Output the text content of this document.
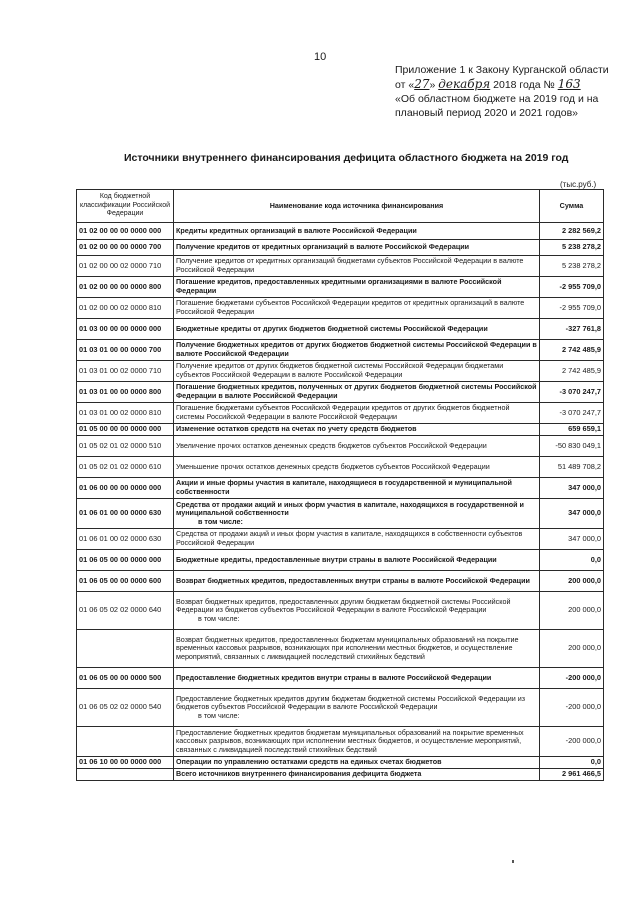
10
Приложение 1 к Закону Курганской области
от «27» декабря 2018 года № 163
«Об областном бюджете на 2019 год и на плановый период 2020 и 2021 годов»
Источники внутреннего финансирования дефицита областного бюджета на 2019 год
(тыс.руб.)
Код бюджетной классификации Российской Федерации	Наименование кода источника финансирования	Сумма
01 02 00 00 00 0000 000	Кредиты кредитных организаций в валюте Российской Федерации	2 282 569,2
01 02 00 00 00 0000 700	Получение кредитов от кредитных организаций в валюте Российской Федерации	5 238 278,2
01 02 00 00 02 0000 710	Получение кредитов от кредитных организаций бюджетами субъектов Российской Федерации в валюте Российской Федерации	5 238 278,2
01 02 00 00 00 0000 800	Погашение кредитов, предоставленных кредитными организациями в валюте Российской Федерации	-2 955 709,0
01 02 00 00 02 0000 810	Погашение бюджетами субъектов Российской Федерации кредитов от кредитных организаций в валюте Российской Федерации	-2 955 709,0
01 03 00 00 00 0000 000	Бюджетные кредиты от других бюджетов бюджетной системы Российской Федерации	-327 761,8
01 03 01 00 00 0000 700	Получение бюджетных кредитов от других бюджетов бюджетной системы Российской Федерации в валюте Российской Федерации	2 742 485,9
01 03 01 00 02 0000 710	Получение кредитов от других бюджетов бюджетной системы Российской Федерации бюджетами субъектов Российской Федерации в валюте Российской Федерации	2 742 485,9
01 03 01 00 00 0000 800	Погашение бюджетных кредитов, полученных от других бюджетов бюджетной системы Российской Федерации в валюте Российской Федерации	-3 070 247,7
01 03 01 00 02 0000 810	Погашение бюджетами субъектов Российской Федерации кредитов от других бюджетов бюджетной системы Российской Федерации в валюте Российской Федерации	-3 070 247,7
01 05 00 00 00 0000 000	Изменение остатков средств на счетах по учету средств бюджетов	659 659,1
01 05 02 01 02 0000 510	Увеличение прочих остатков денежных средств бюджетов субъектов Российской Федерации	-50 830 049,1
01 05 02 01 02 0000 610	Уменьшение прочих остатков денежных средств бюджетов субъектов Российской Федерации	51 489 708,2
01 06 00 00 00 0000 000	Акции и иные формы участия в капитале, находящиеся в государственной и муниципальной собственности	347 000,0
01 06 01 00 00 0000 630	Средства от продажи акций и иных форм участия в капитале, находящихся в государственной и муниципальной собственности
в том числе:	347 000,0
01 06 01 00 02 0000 630	Средства от продажи акций и иных форм участия в капитале, находящихся в собственности субъектов Российской Федерации	347 000,0
01 06 05 00 00 0000 000	Бюджетные кредиты, предоставленные внутри страны в валюте Российской Федерации	0,0
01 06 05 00 00 0000 600	Возврат бюджетных кредитов, предоставленных внутри страны в валюте Российской Федерации	200 000,0
01 06 05 02 02 0000 640	Возврат бюджетных кредитов, предоставленных другим бюджетам бюджетной системы Российской Федерации из бюджетов субъектов Российской Федерации в валюте Российской Федерации
в том числе:	200 000,0
	Возврат бюджетных кредитов, предоставленных бюджетам муниципальных образований на покрытие временных кассовых разрывов, возникающих при исполнении местных бюджетов, и осуществление мероприятий, связанных с ликвидацией последствий стихийных бедствий	200 000,0
01 06 05 00 00 0000 500	Предоставление бюджетных кредитов внутри страны в валюте Российской Федерации	-200 000,0
01 06 05 02 02 0000 540	Предоставление бюджетных кредитов другим бюджетам бюджетной системы Российской Федерации из бюджетов субъектов Российской Федерации в валюте Российской Федерации
в том числе:	-200 000,0
	Предоставление бюджетных кредитов бюджетам муниципальных образований на покрытие временных кассовых разрывов, возникающих при исполнении местных бюджетов, и осуществление мероприятий, связанных с ликвидацией последствий стихийных бедствий	-200 000,0
01 06 10 00 00 0000 000	Операции по управлению остатками средств на единых счетах бюджетов	0,0
	Всего источников внутреннего финансирования дефицита бюджета	2 961 466,5
